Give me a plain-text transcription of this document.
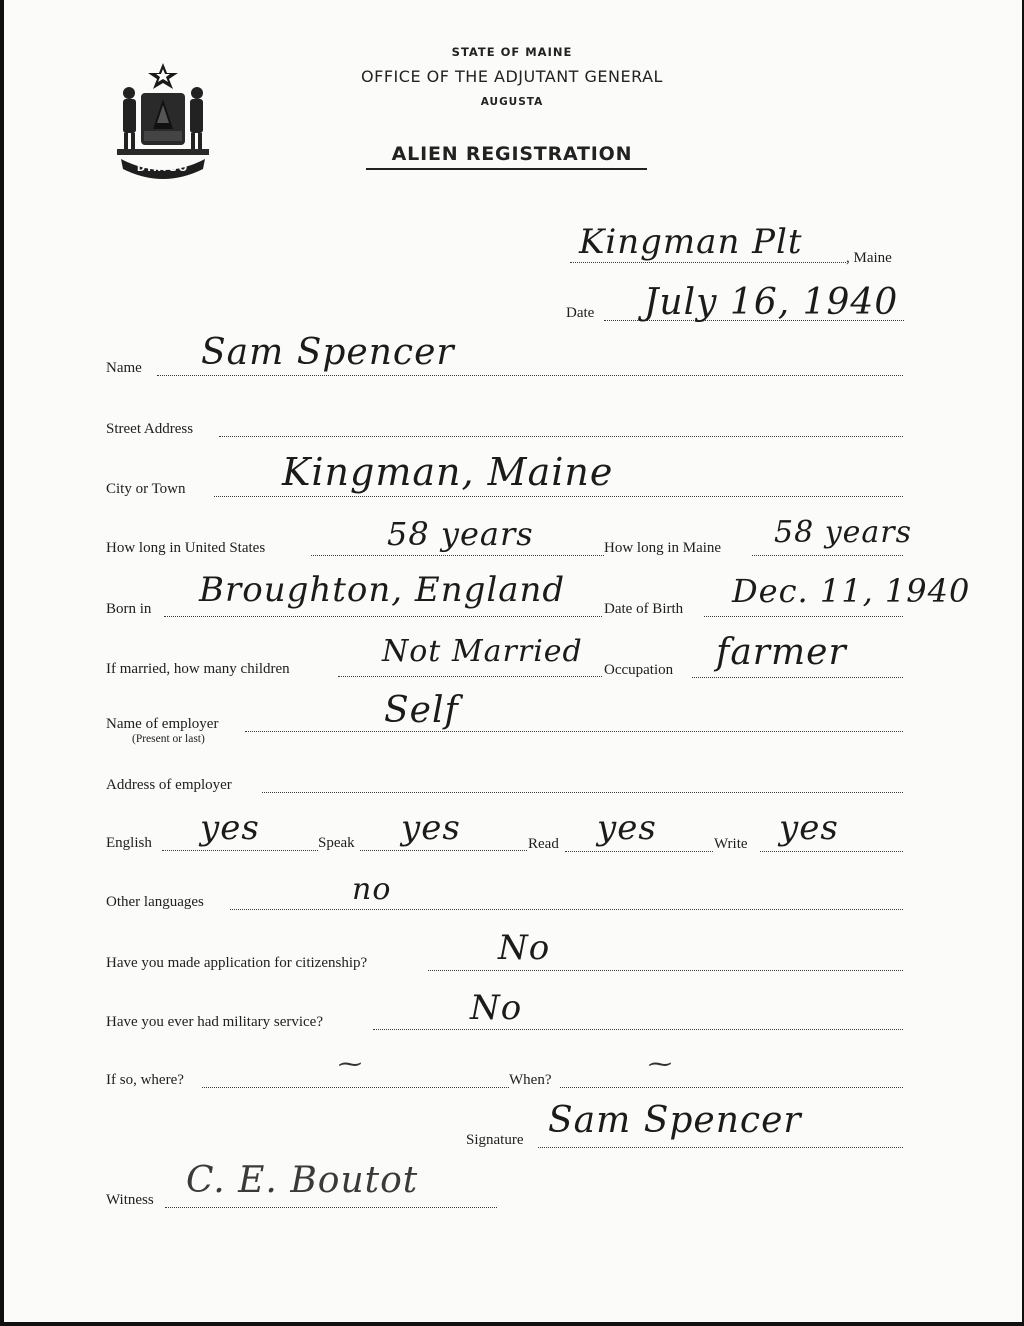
DIRIGO
STATE OF MAINE
OFFICE OF THE ADJUTANT GENERAL
AUGUSTA
ALIEN REGISTRATION
Kingman Plt	, Maine
Date July 16, 1940
Name Sam Spencer
Street Address
City or Town	Kingman, Maine
How long in United States	58 years	How long in Maine 58 years
Born in Broughton, England	Date of Birth Dec. 11, 1940
If married, how many children	Not Married
Occupation farmer
Name of employer
(Present or last)
Self
Address of employer
English yes	Speak yes	Read yes	Write yes
Other languages	no
Have you made application for citizenship?	No
Have you ever had military service?	No
If so, where?
⁓
When?
⁓
Signature Sam Spencer
Witness C. E. Boutot
